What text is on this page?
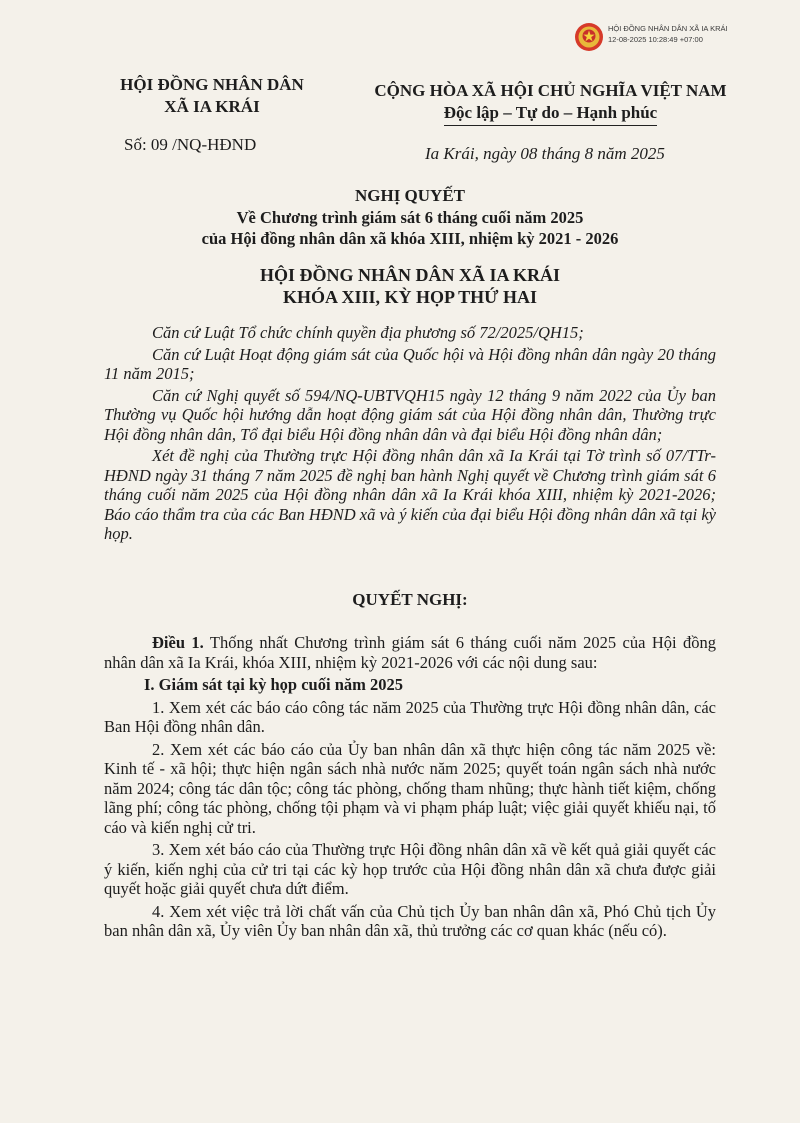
HỘI ĐỒNG NHÂN DÂN XÃ IA KRÁI
12-08-2025 10:28:49 +07:00
HỘI ĐỒNG NHÂN DÂN
XÃ IA KRÁI
Số: 09 /NQ-HĐND
CỘNG HÒA XÃ HỘI CHỦ NGHĨA VIỆT NAM
Độc lập – Tự do – Hạnh phúc
Ia Krái, ngày 08 tháng 8 năm 2025
NGHỊ QUYẾT
Về Chương trình giám sát 6 tháng cuối năm 2025
của Hội đồng nhân dân xã khóa XIII, nhiệm kỳ 2021 - 2026
HỘI ĐỒNG NHÂN DÂN XÃ IA KRÁI
KHÓA XIII, KỲ HỌP THỨ HAI

Căn cứ Luật Tổ chức chính quyền địa phương số 72/2025/QH15;

Căn cứ Luật Hoạt động giám sát của Quốc hội và Hội đồng nhân dân ngày 20 tháng 11 năm 2015;

Căn cứ Nghị quyết số 594/NQ-UBTVQH15 ngày 12 tháng 9 năm 2022 của Ủy ban Thường vụ Quốc hội hướng dẫn hoạt động giám sát của Hội đồng nhân dân, Thường trực Hội đồng nhân dân, Tổ đại biểu Hội đồng nhân dân và đại biểu Hội đồng nhân dân;

Xét đề nghị của Thường trực Hội đồng nhân dân xã Ia Krái tại Tờ trình số 07/TTr-HĐND ngày 31 tháng 7 năm 2025 đề nghị ban hành Nghị quyết về Chương trình giám sát 6 tháng cuối năm 2025 của Hội đồng nhân dân xã Ia Krái khóa XIII, nhiệm kỳ 2021-2026; Báo cáo thẩm tra của các Ban HĐND xã và ý kiến của đại biểu Hội đồng nhân dân xã tại kỳ họp.

QUYẾT NGHỊ:

Điều 1. Thống nhất Chương trình giám sát 6 tháng cuối năm 2025 của Hội đồng nhân dân xã Ia Krái, khóa XIII, nhiệm kỳ 2021-2026 với các nội dung sau:

I. Giám sát tại kỳ họp cuối năm 2025

1. Xem xét các báo cáo công tác năm 2025 của Thường trực Hội đồng nhân dân, các Ban Hội đồng nhân dân.

2. Xem xét các báo cáo của Ủy ban nhân dân xã thực hiện công tác năm 2025 về: Kinh tế - xã hội; thực hiện ngân sách nhà nước năm 2025; quyết toán ngân sách nhà nước năm 2024; công tác dân tộc; công tác phòng, chống tham nhũng; thực hành tiết kiệm, chống lãng phí; công tác phòng, chống tội phạm và vi phạm pháp luật; việc giải quyết khiếu nại, tố cáo và kiến nghị cử tri.

3. Xem xét báo cáo của Thường trực Hội đồng nhân dân xã về kết quả giải quyết các ý kiến, kiến nghị của cử tri tại các kỳ họp trước của Hội đồng nhân dân xã chưa được giải quyết hoặc giải quyết chưa dứt điểm.

4. Xem xét việc trả lời chất vấn của Chủ tịch Ủy ban nhân dân xã, Phó Chủ tịch Ủy ban nhân dân xã, Ủy viên Ủy ban nhân dân xã, thủ trưởng các cơ quan khác (nếu có).
